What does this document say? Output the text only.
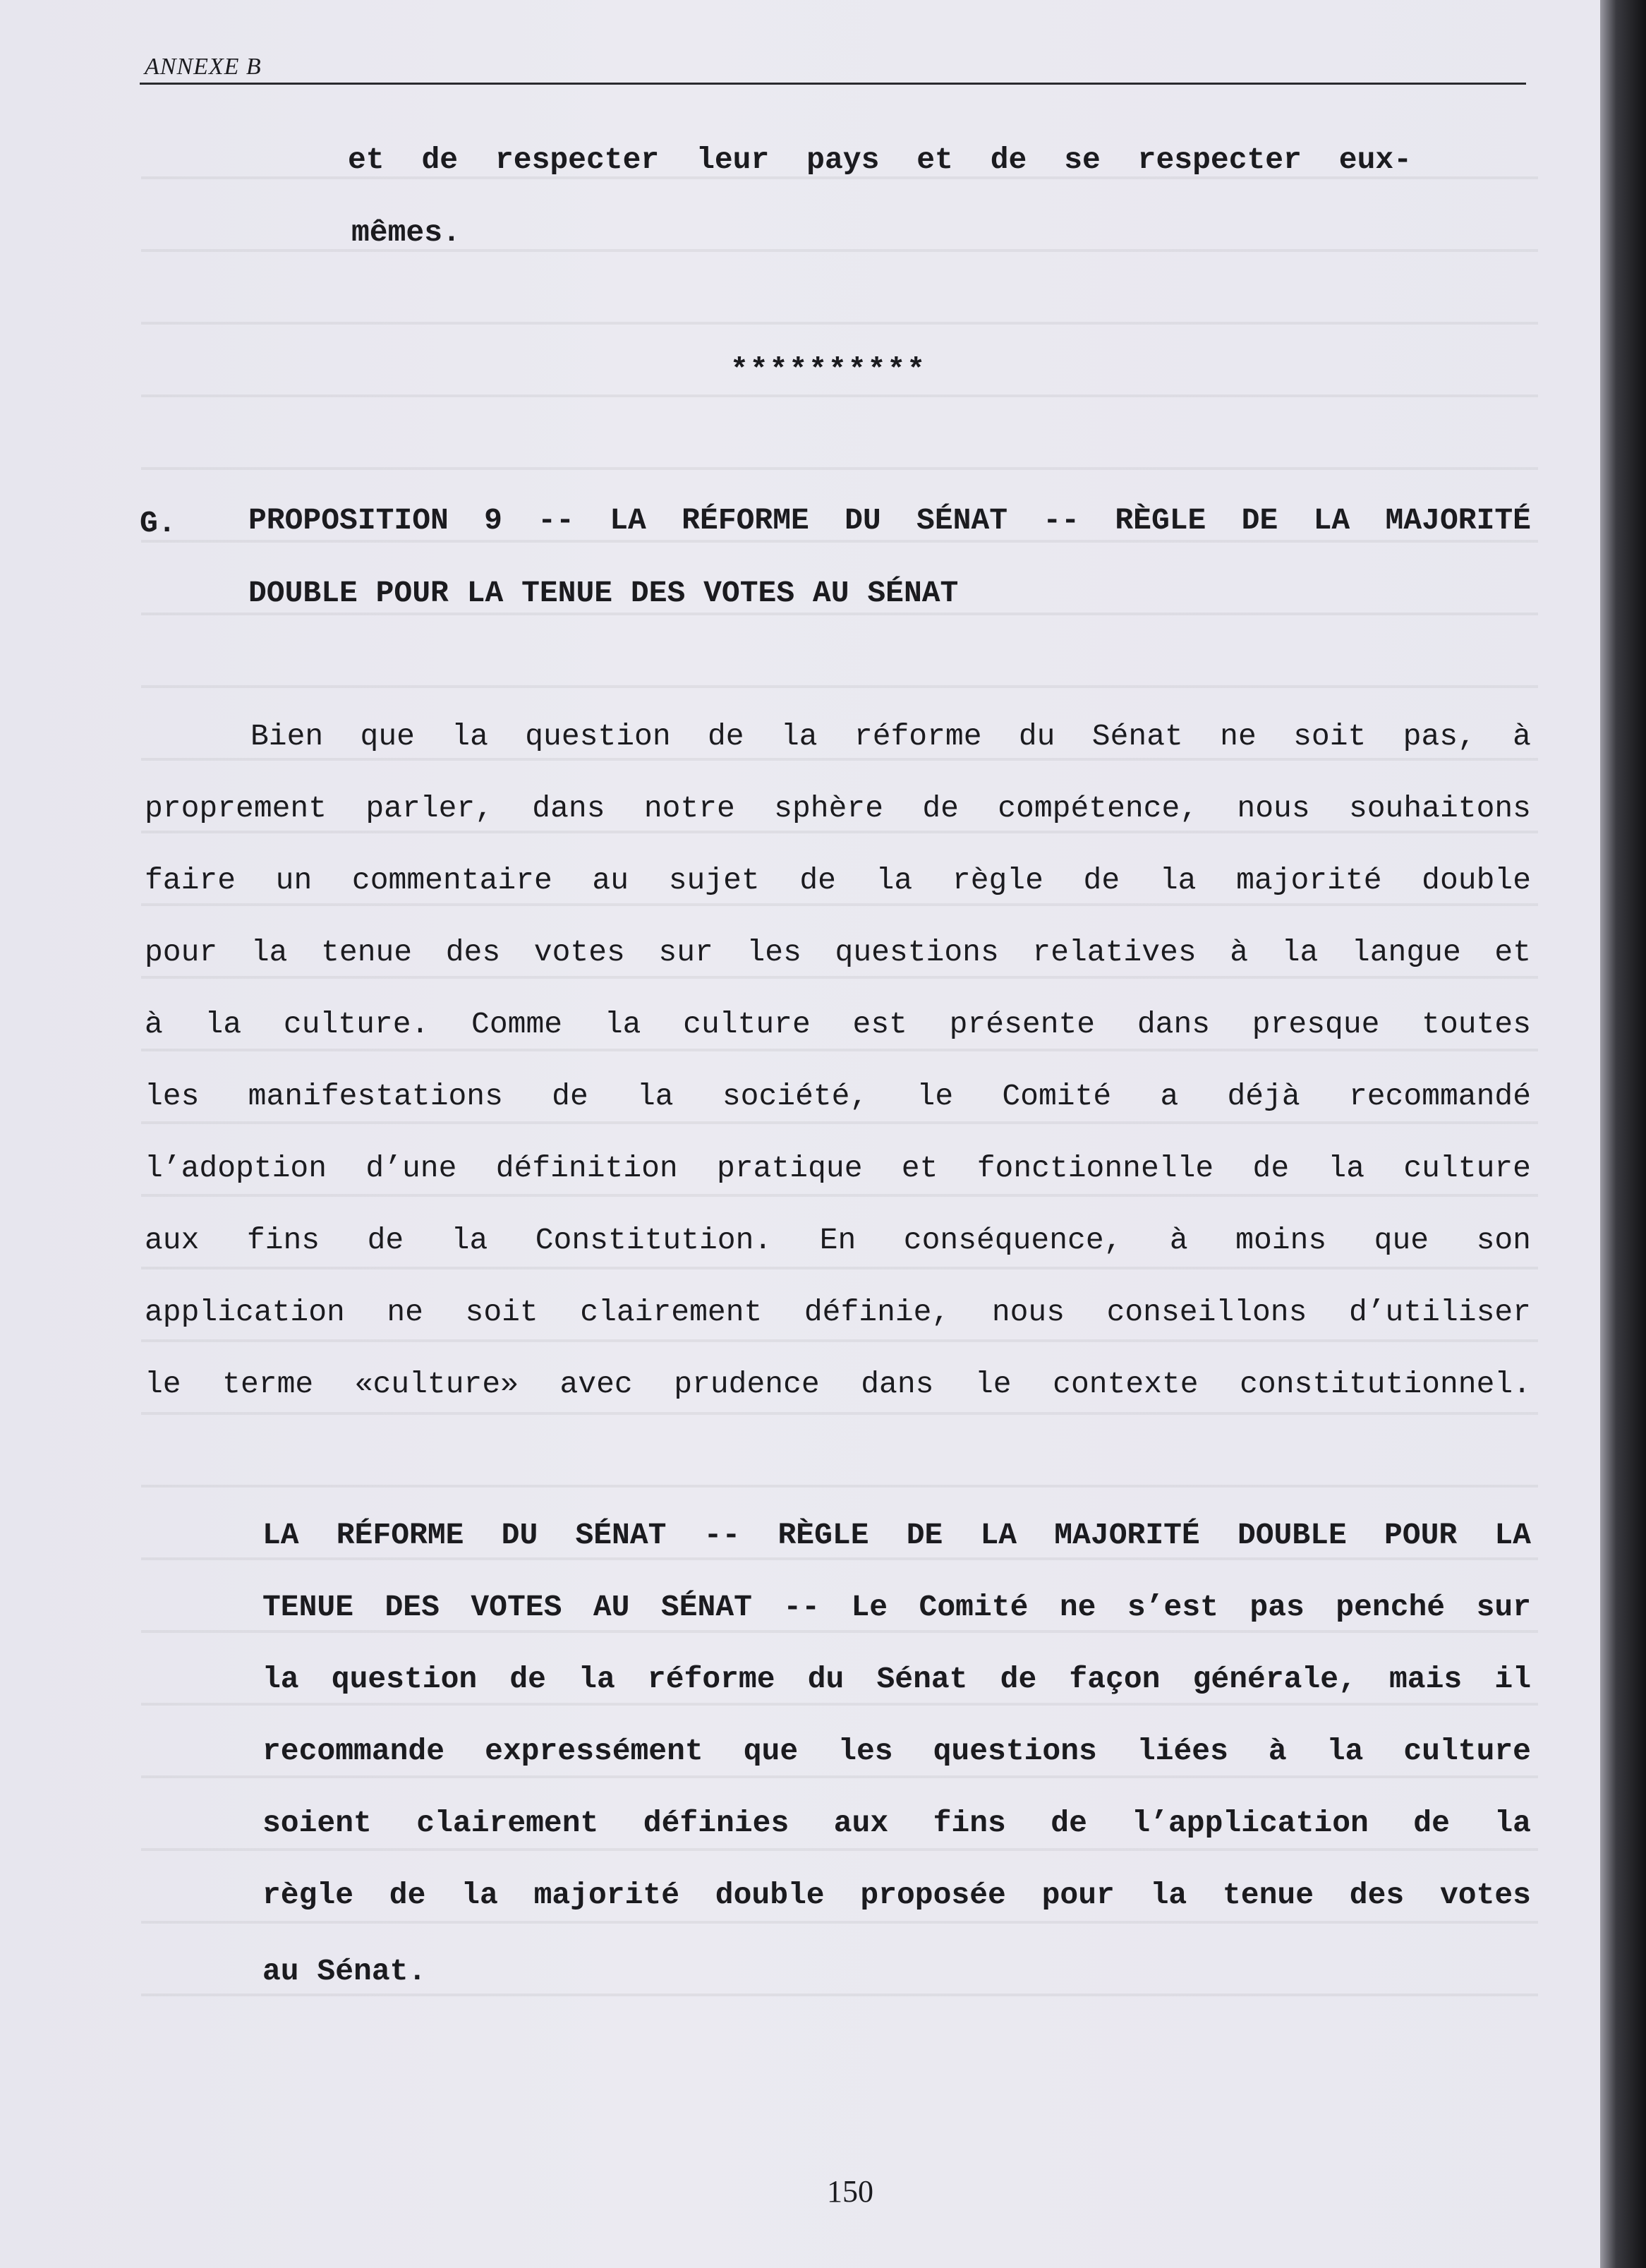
ANNEXE B
et de respecter leur pays et de se respecter eux-
mêmes.
**********
G. PROPOSITION 9 -- LA RÉFORME DU SÉNAT -- RÈGLE DE LA MAJORITÉ
DOUBLE POUR LA TENUE DES VOTES AU SÉNAT
Bien que la question de la réforme du Sénat ne soit pas, à
proprement parler, dans notre sphère de compétence, nous souhaitons
faire un commentaire au sujet de la règle de la majorité double
pour la tenue des votes sur les questions relatives à la langue et
à la culture. Comme la culture est présente dans presque toutes
les manifestations de la société, le Comité a déjà recommandé
l’adoption d’une définition pratique et fonctionnelle de la culture
aux fins de la Constitution. En conséquence, à moins que son
application ne soit clairement définie, nous conseillons d’utiliser
le terme «culture» avec prudence dans le contexte constitutionnel.
LA RÉFORME DU SÉNAT -- RÈGLE DE LA MAJORITÉ DOUBLE POUR LA
TENUE DES VOTES AU SÉNAT -- Le Comité ne s’est pas penché sur
la question de la réforme du Sénat de façon générale, mais il
recommande expressément que les questions liées à la culture
soient clairement définies aux fins de l’application de la
règle de la majorité double proposée pour la tenue des votes
au Sénat.
150
